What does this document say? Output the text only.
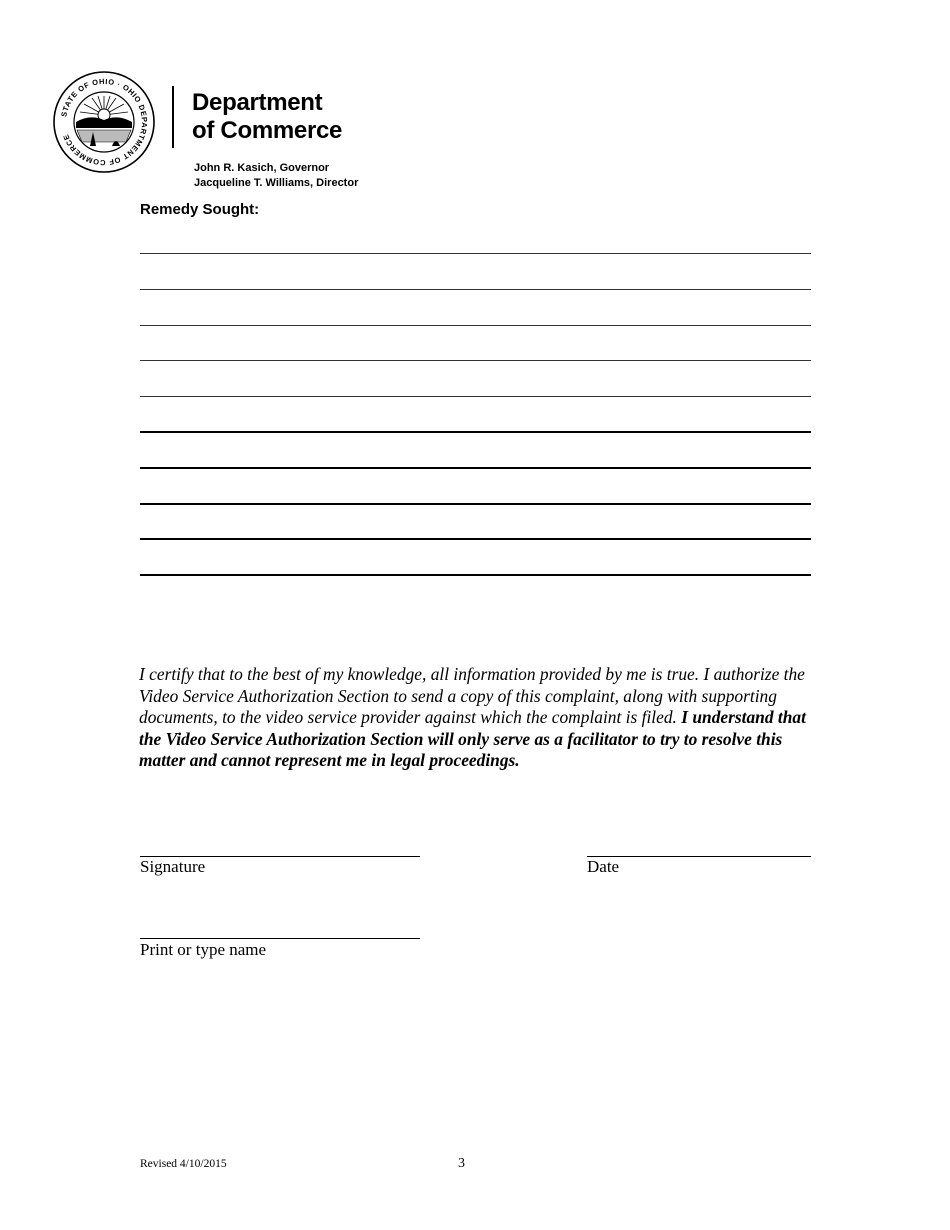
STATE OF OHIO · OHIO DEPARTMENT OF COMMERCE
Department
of Commerce
John R. Kasich, Governor
Jacqueline T. Williams, Director
Remedy Sought:
I certify that to the best of my knowledge, all information provided by me is true. I authorize the Video Service Authorization Section to send a copy of this complaint, along with supporting documents, to the video service provider against which the complaint is filed. I understand that the Video Service Authorization Section will only serve as a facilitator to try to resolve this matter and cannot represent me in legal proceedings.
Signature	Date
Print or type name
Revised 4/10/2015	3
